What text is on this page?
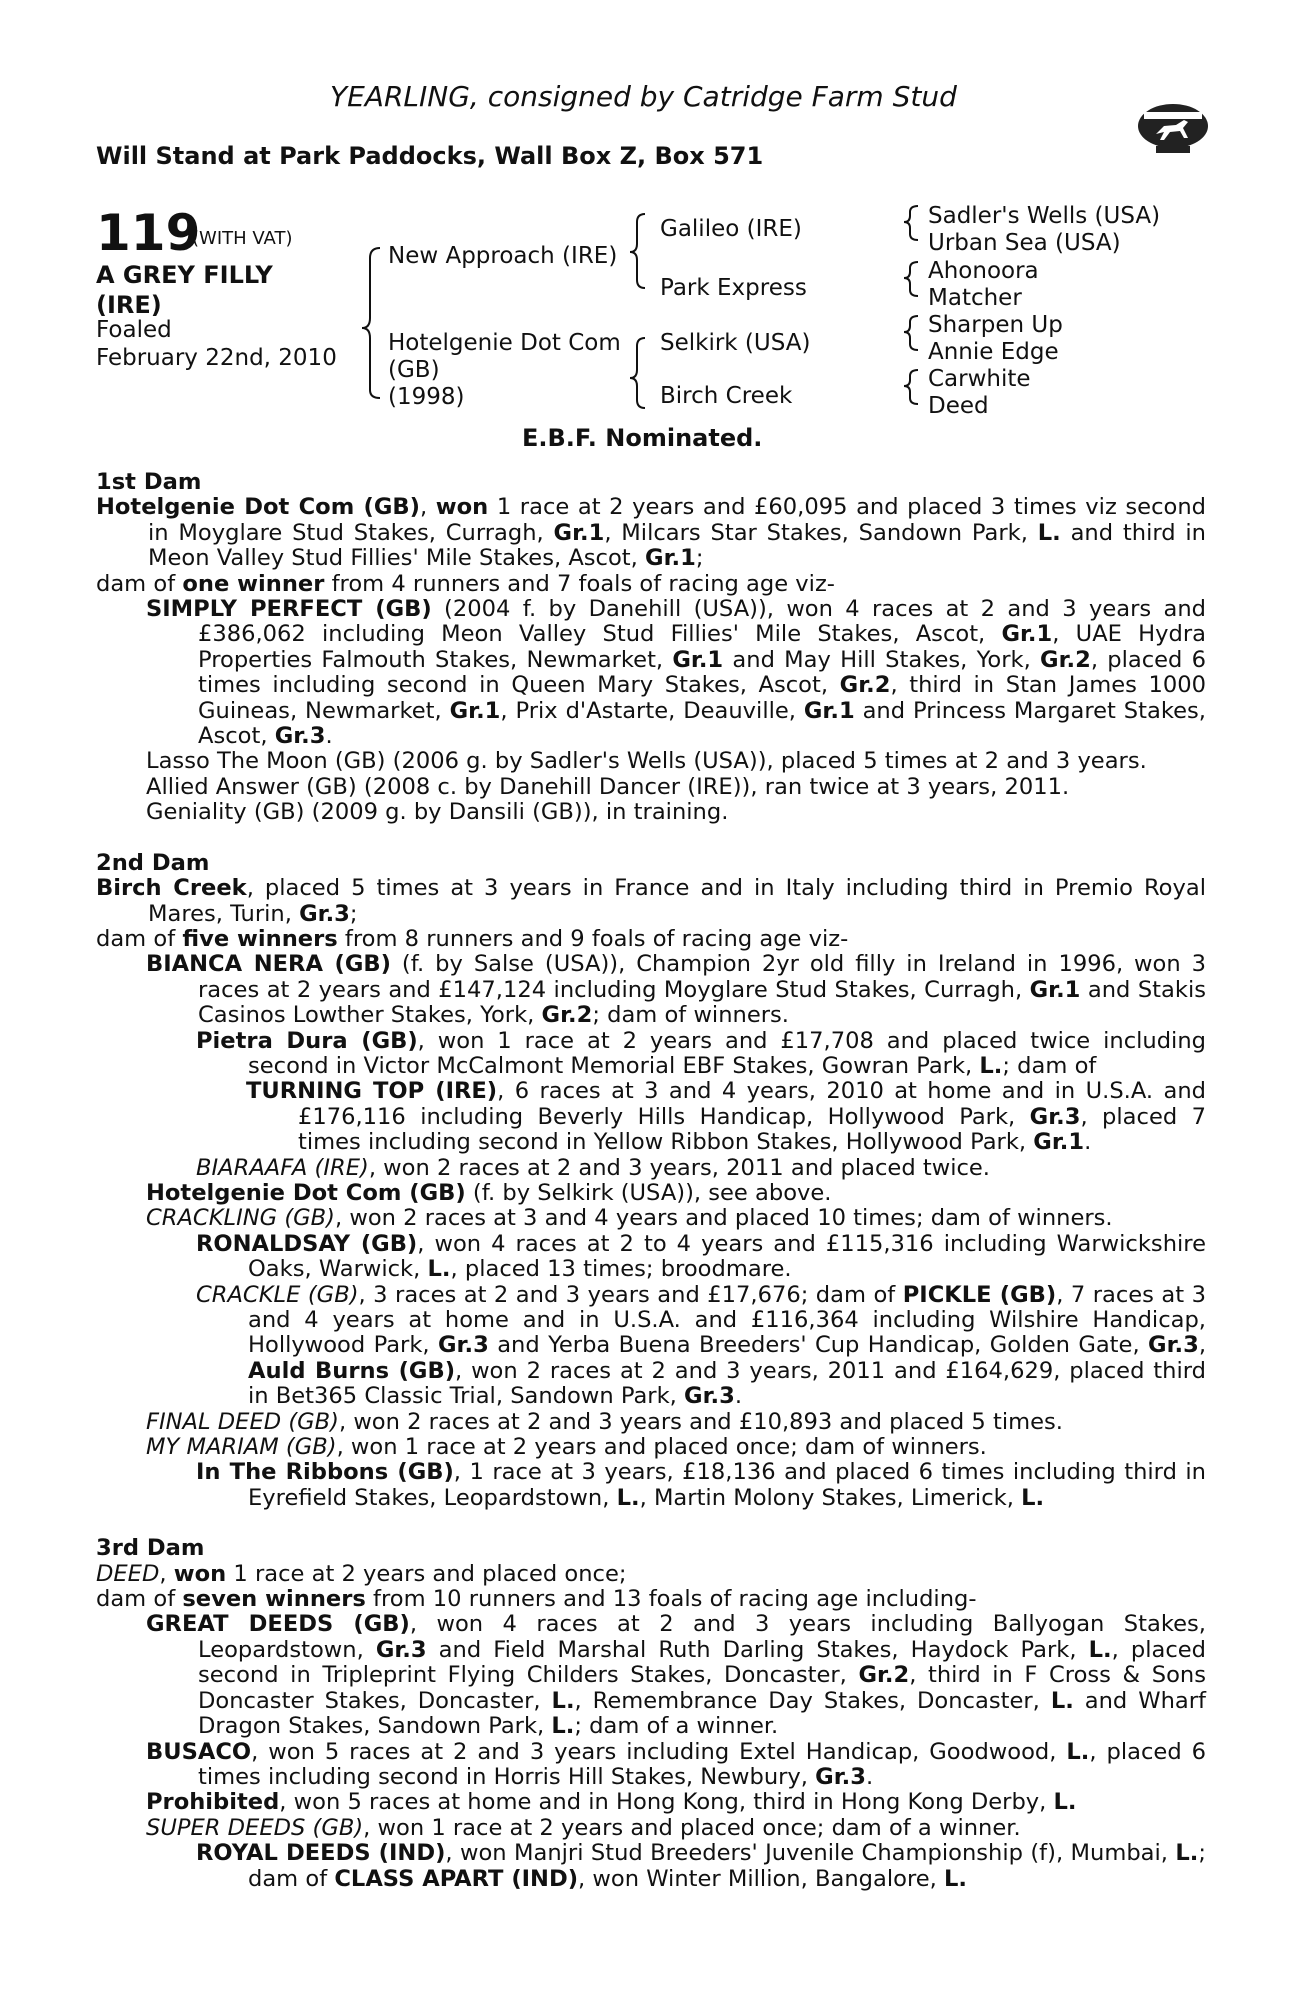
YEARLING, consigned by Catridge Farm Stud
Will Stand at Park Paddocks, Wall Box Z, Box 571
119
(WITH VAT)
A GREY FILLY
(IRE)
Foaled
February 22nd, 2010
New Approach (IRE)
Hotelgenie Dot Com
(GB)
(1998)
Galileo (IRE)
Park Express
Selkirk (USA)
Birch Creek
Sadler's Wells (USA)
Urban Sea (USA)
Ahonoora
Matcher
Sharpen Up
Annie Edge
Carwhite
Deed
E.B.F. Nominated.

1st Dam

Hotelgenie Dot Com (GB), won 1 race at 2 years and £60,095 and placed 3 times viz second in Moyglare Stud Stakes, Curragh, Gr.1, Milcars Star Stakes, Sandown Park, L. and third in Meon Valley Stud Fillies' Mile Stakes, Ascot, Gr.1;

dam of one winner from 4 runners and 7 foals of racing age viz-

SIMPLY PERFECT (GB) (2004 f. by Danehill (USA)), won 4 races at 2 and 3 years and £386,062 including Meon Valley Stud Fillies' Mile Stakes, Ascot, Gr.1, UAE Hydra Properties Falmouth Stakes, Newmarket, Gr.1 and May Hill Stakes, York, Gr.2, placed 6 times including second in Queen Mary Stakes, Ascot, Gr.2, third in Stan James 1000 Guineas, Newmarket, Gr.1, Prix d'Astarte, Deauville, Gr.1 and Princess Margaret Stakes, Ascot, Gr.3.

Lasso The Moon (GB) (2006 g. by Sadler's Wells (USA)), placed 5 times at 2 and 3 years.

Allied Answer (GB) (2008 c. by Danehill Dancer (IRE)), ran twice at 3 years, 2011.

Geniality (GB) (2009 g. by Dansili (GB)), in training.

2nd Dam

Birch Creek, placed 5 times at 3 years in France and in Italy including third in Premio Royal Mares, Turin, Gr.3;

dam of five winners from 8 runners and 9 foals of racing age viz-

BIANCA NERA (GB) (f. by Salse (USA)), Champion 2yr old filly in Ireland in 1996, won 3 races at 2 years and £147,124 including Moyglare Stud Stakes, Curragh, Gr.1 and Stakis Casinos Lowther Stakes, York, Gr.2; dam of winners.

Pietra Dura (GB), won 1 race at 2 years and £17,708 and placed twice including second in Victor McCalmont Memorial EBF Stakes, Gowran Park, L.; dam of

TURNING TOP (IRE), 6 races at 3 and 4 years, 2010 at home and in U.S.A. and £176,116 including Beverly Hills Handicap, Hollywood Park, Gr.3, placed 7 times including second in Yellow Ribbon Stakes, Hollywood Park, Gr.1.

BIARAAFA (IRE), won 2 races at 2 and 3 years, 2011 and placed twice.

Hotelgenie Dot Com (GB) (f. by Selkirk (USA)), see above.

CRACKLING (GB), won 2 races at 3 and 4 years and placed 10 times; dam of winners.

RONALDSAY (GB), won 4 races at 2 to 4 years and £115,316 including Warwickshire Oaks, Warwick, L., placed 13 times; broodmare.

CRACKLE (GB), 3 races at 2 and 3 years and £17,676; dam of PICKLE (GB), 7 races at 3 and 4 years at home and in U.S.A. and £116,364 including Wilshire Handicap, Hollywood Park, Gr.3 and Yerba Buena Breeders' Cup Handicap, Golden Gate, Gr.3, Auld Burns (GB), won 2 races at 2 and 3 years, 2011 and £164,629, placed third in Bet365 Classic Trial, Sandown Park, Gr.3.

FINAL DEED (GB), won 2 races at 2 and 3 years and £10,893 and placed 5 times.

MY MARIAM (GB), won 1 race at 2 years and placed once; dam of winners.

In The Ribbons (GB), 1 race at 3 years, £18,136 and placed 6 times including third in Eyrefield Stakes, Leopardstown, L., Martin Molony Stakes, Limerick, L.

3rd Dam

DEED, won 1 race at 2 years and placed once;

dam of seven winners from 10 runners and 13 foals of racing age including-

GREAT DEEDS (GB), won 4 races at 2 and 3 years including Ballyogan Stakes, Leopardstown, Gr.3 and Field Marshal Ruth Darling Stakes, Haydock Park, L., placed second in Tripleprint Flying Childers Stakes, Doncaster, Gr.2, third in F Cross & Sons Doncaster Stakes, Doncaster, L., Remembrance Day Stakes, Doncaster, L. and Wharf Dragon Stakes, Sandown Park, L.; dam of a winner.

BUSACO, won 5 races at 2 and 3 years including Extel Handicap, Goodwood, L., placed 6 times including second in Horris Hill Stakes, Newbury, Gr.3.

Prohibited, won 5 races at home and in Hong Kong, third in Hong Kong Derby, L.

SUPER DEEDS (GB), won 1 race at 2 years and placed once; dam of a winner.

ROYAL DEEDS (IND), won Manjri Stud Breeders' Juvenile Championship (f), Mumbai, L.; dam of CLASS APART (IND), won Winter Million, Bangalore, L.
